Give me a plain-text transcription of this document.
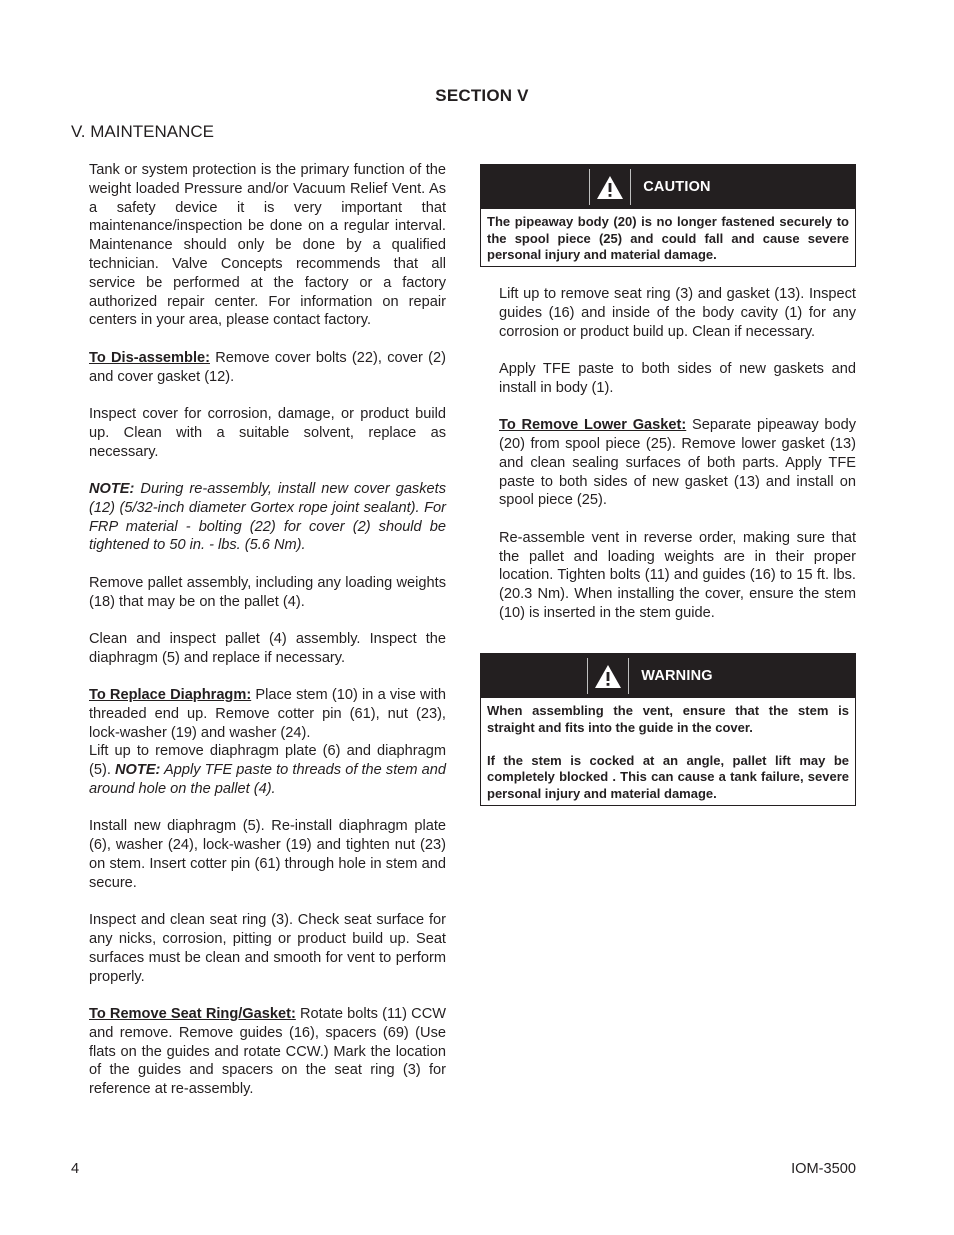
SECTION V
V. MAINTENANCE

Tank or system protection is the primary function of the weight loaded Pressure and/or Vacuum Relief Vent. As a safety device it is very important that maintenance/inspection be done on a regular interval. Maintenance should only be done by a qualified technician. Valve Concepts recommends that all service be performed at the factory or a factory authorized repair center. For information on repair centers in your area, please contact factory.

To Dis-assemble: Remove cover bolts (22), cover (2) and cover gasket (12).

Inspect cover for corrosion, damage, or product build up. Clean with a suitable solvent, replace as necessary.

NOTE: During re-assembly, install new cover gaskets (12) (5/32-inch diameter Gortex rope joint sealant). For FRP material - bolting (22) for cover (2) should be tightened to 50 in. - lbs. (5.6 Nm).

Remove pallet assembly, including any loading weights (18) that may be on the pallet (4).

Clean and inspect pallet (4) assembly. Inspect the diaphragm (5) and replace if necessary.

To Replace Diaphragm: Place stem (10) in a vise with threaded end up. Remove cotter pin (61), nut (23), lock-washer (19) and washer (24).

Lift up to remove diaphragm plate (6) and diaphragm (5). NOTE: Apply TFE paste to threads of the stem and around hole on the pallet (4).

Install new diaphragm (5). Re-install diaphragm plate (6), washer (24), lock-washer (19) and tighten nut (23) on stem. Insert cotter pin (61) through hole in stem and secure.

Inspect and clean seat ring (3). Check seat surface for any nicks, corrosion, pitting or product build up. Seat surfaces must be clean and smooth for vent to perform properly.

To Remove Seat Ring/Gasket: Rotate bolts (11) CCW and remove. Remove guides (16), spacers (69) (Use flats on the guides and rotate CCW.) Mark the location of the guides and spacers on the seat ring (3) for reference at re-assembly.

CAUTION

The pipeaway body (20) is no longer fastened securely to the spool piece (25) and could fall and cause severe personal injury and material damage.

Lift up to remove seat ring (3) and gasket (13). Inspect guides (16) and inside of the body cavity (1) for any corrosion or product build up. Clean if necessary.

Apply TFE paste to both sides of new gaskets and install in body (1).

To Remove Lower Gasket: Separate pipeaway body (20) from spool piece (25). Remove lower gasket (13) and clean sealing surfaces of both parts. Apply TFE paste to both sides of new gasket (13) and install on spool piece (25).

Re-assemble vent in reverse order, making sure that the pallet and loading weights are in their proper location. Tighten bolts (11) and guides (16) to 15 ft. lbs. (20.3 Nm). When installing the cover, ensure the stem (10) is inserted in the stem guide.

WARNING

When assembling the vent, ensure that the stem is straight and fits into the guide in the cover.

If the stem is cocked at an angle, pallet lift may be completely blocked . This can cause a tank failure, severe personal injury and material damage.

4	IOM-3500
